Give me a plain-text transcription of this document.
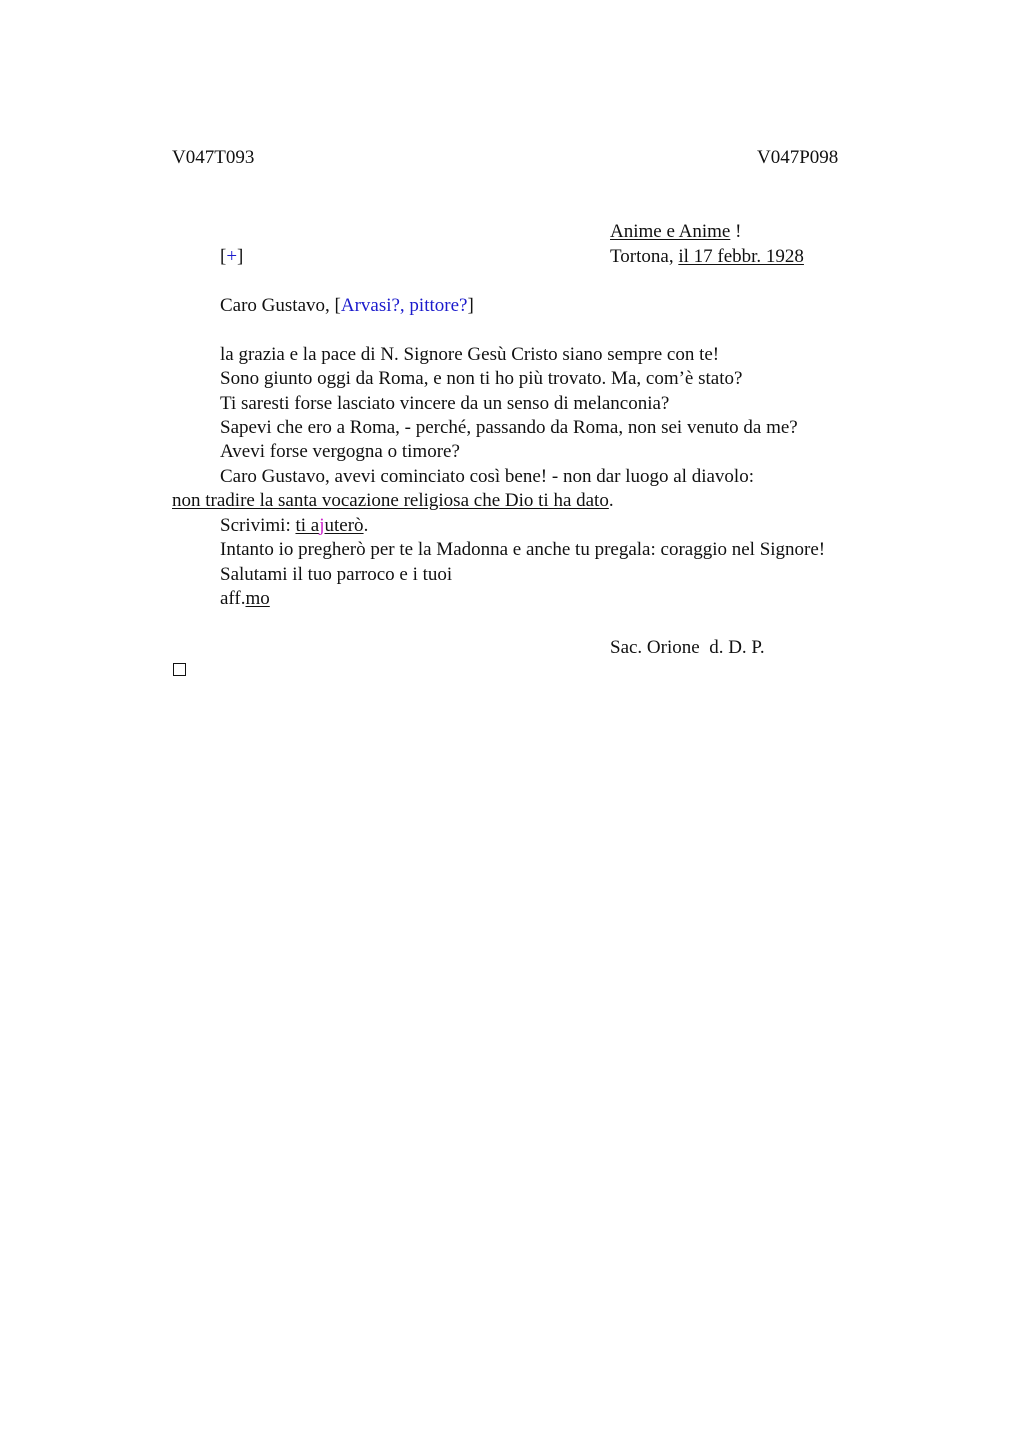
V047T093	V047P098
Anime e Anime !
[+]	Tortona, il 17 febbr. 1928
Caro Gustavo, [Arvasi?, pittore?]
la grazia e la pace di N. Signore Gesù Cristo siano sempre con te!
Sono giunto oggi da Roma, e non ti ho più trovato. Ma, com’è stato?
Ti saresti forse lasciato vincere da un senso di melanconia?
Sapevi che ero a Roma, - perché, passando da Roma, non sei venuto da me?
Avevi forse vergogna o timore?
Caro Gustavo, avevi cominciato così bene! - non dar luogo al diavolo:
non tradire la santa vocazione religiosa che Dio ti ha dato.
Scrivimi: ti ajuterò.
Intanto io pregherò per te la Madonna e anche tu pregala: coraggio nel Signore!
Salutami il tuo parroco e i tuoi
aff.mo
Sac. Orione  d. D. P.
